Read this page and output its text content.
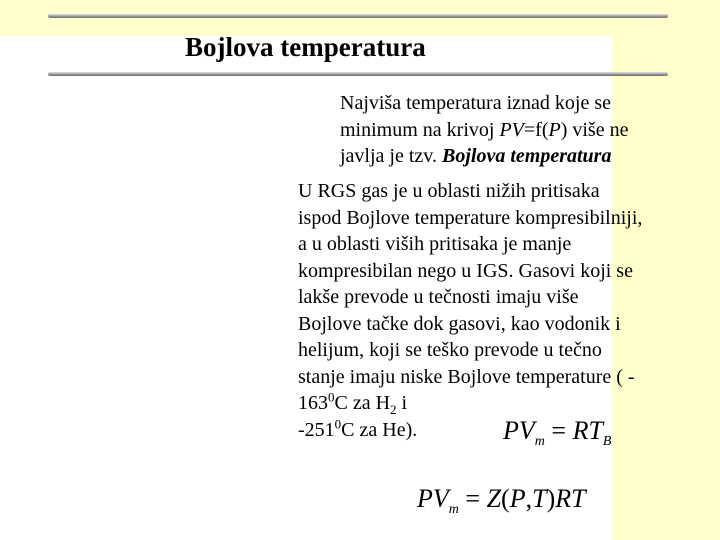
Bojlova temperatura
Najviša temperatura iznad koje se
minimum na krivoj PV=f(P) više ne
javlja je tzv. Bojlova temperatura
U RGS gas je u oblasti nižih pritisaka
ispod Bojlove temperature kompresibilniji,
a u oblasti viših pritisaka je manje
kompresibilan nego u IGS. Gasovi koji se
lakše prevode u tečnosti imaju više
Bojlove tačke dok gasovi, kao vodonik i
helijum, koji se teško prevode u tečno
stanje imaju niske Bojlove temperature ( -
$163^0C$ za $H_2$ i
$-251^0C$ za He).	$PV_m = RT_B$
$PV_m = Z(P,T)RT$
